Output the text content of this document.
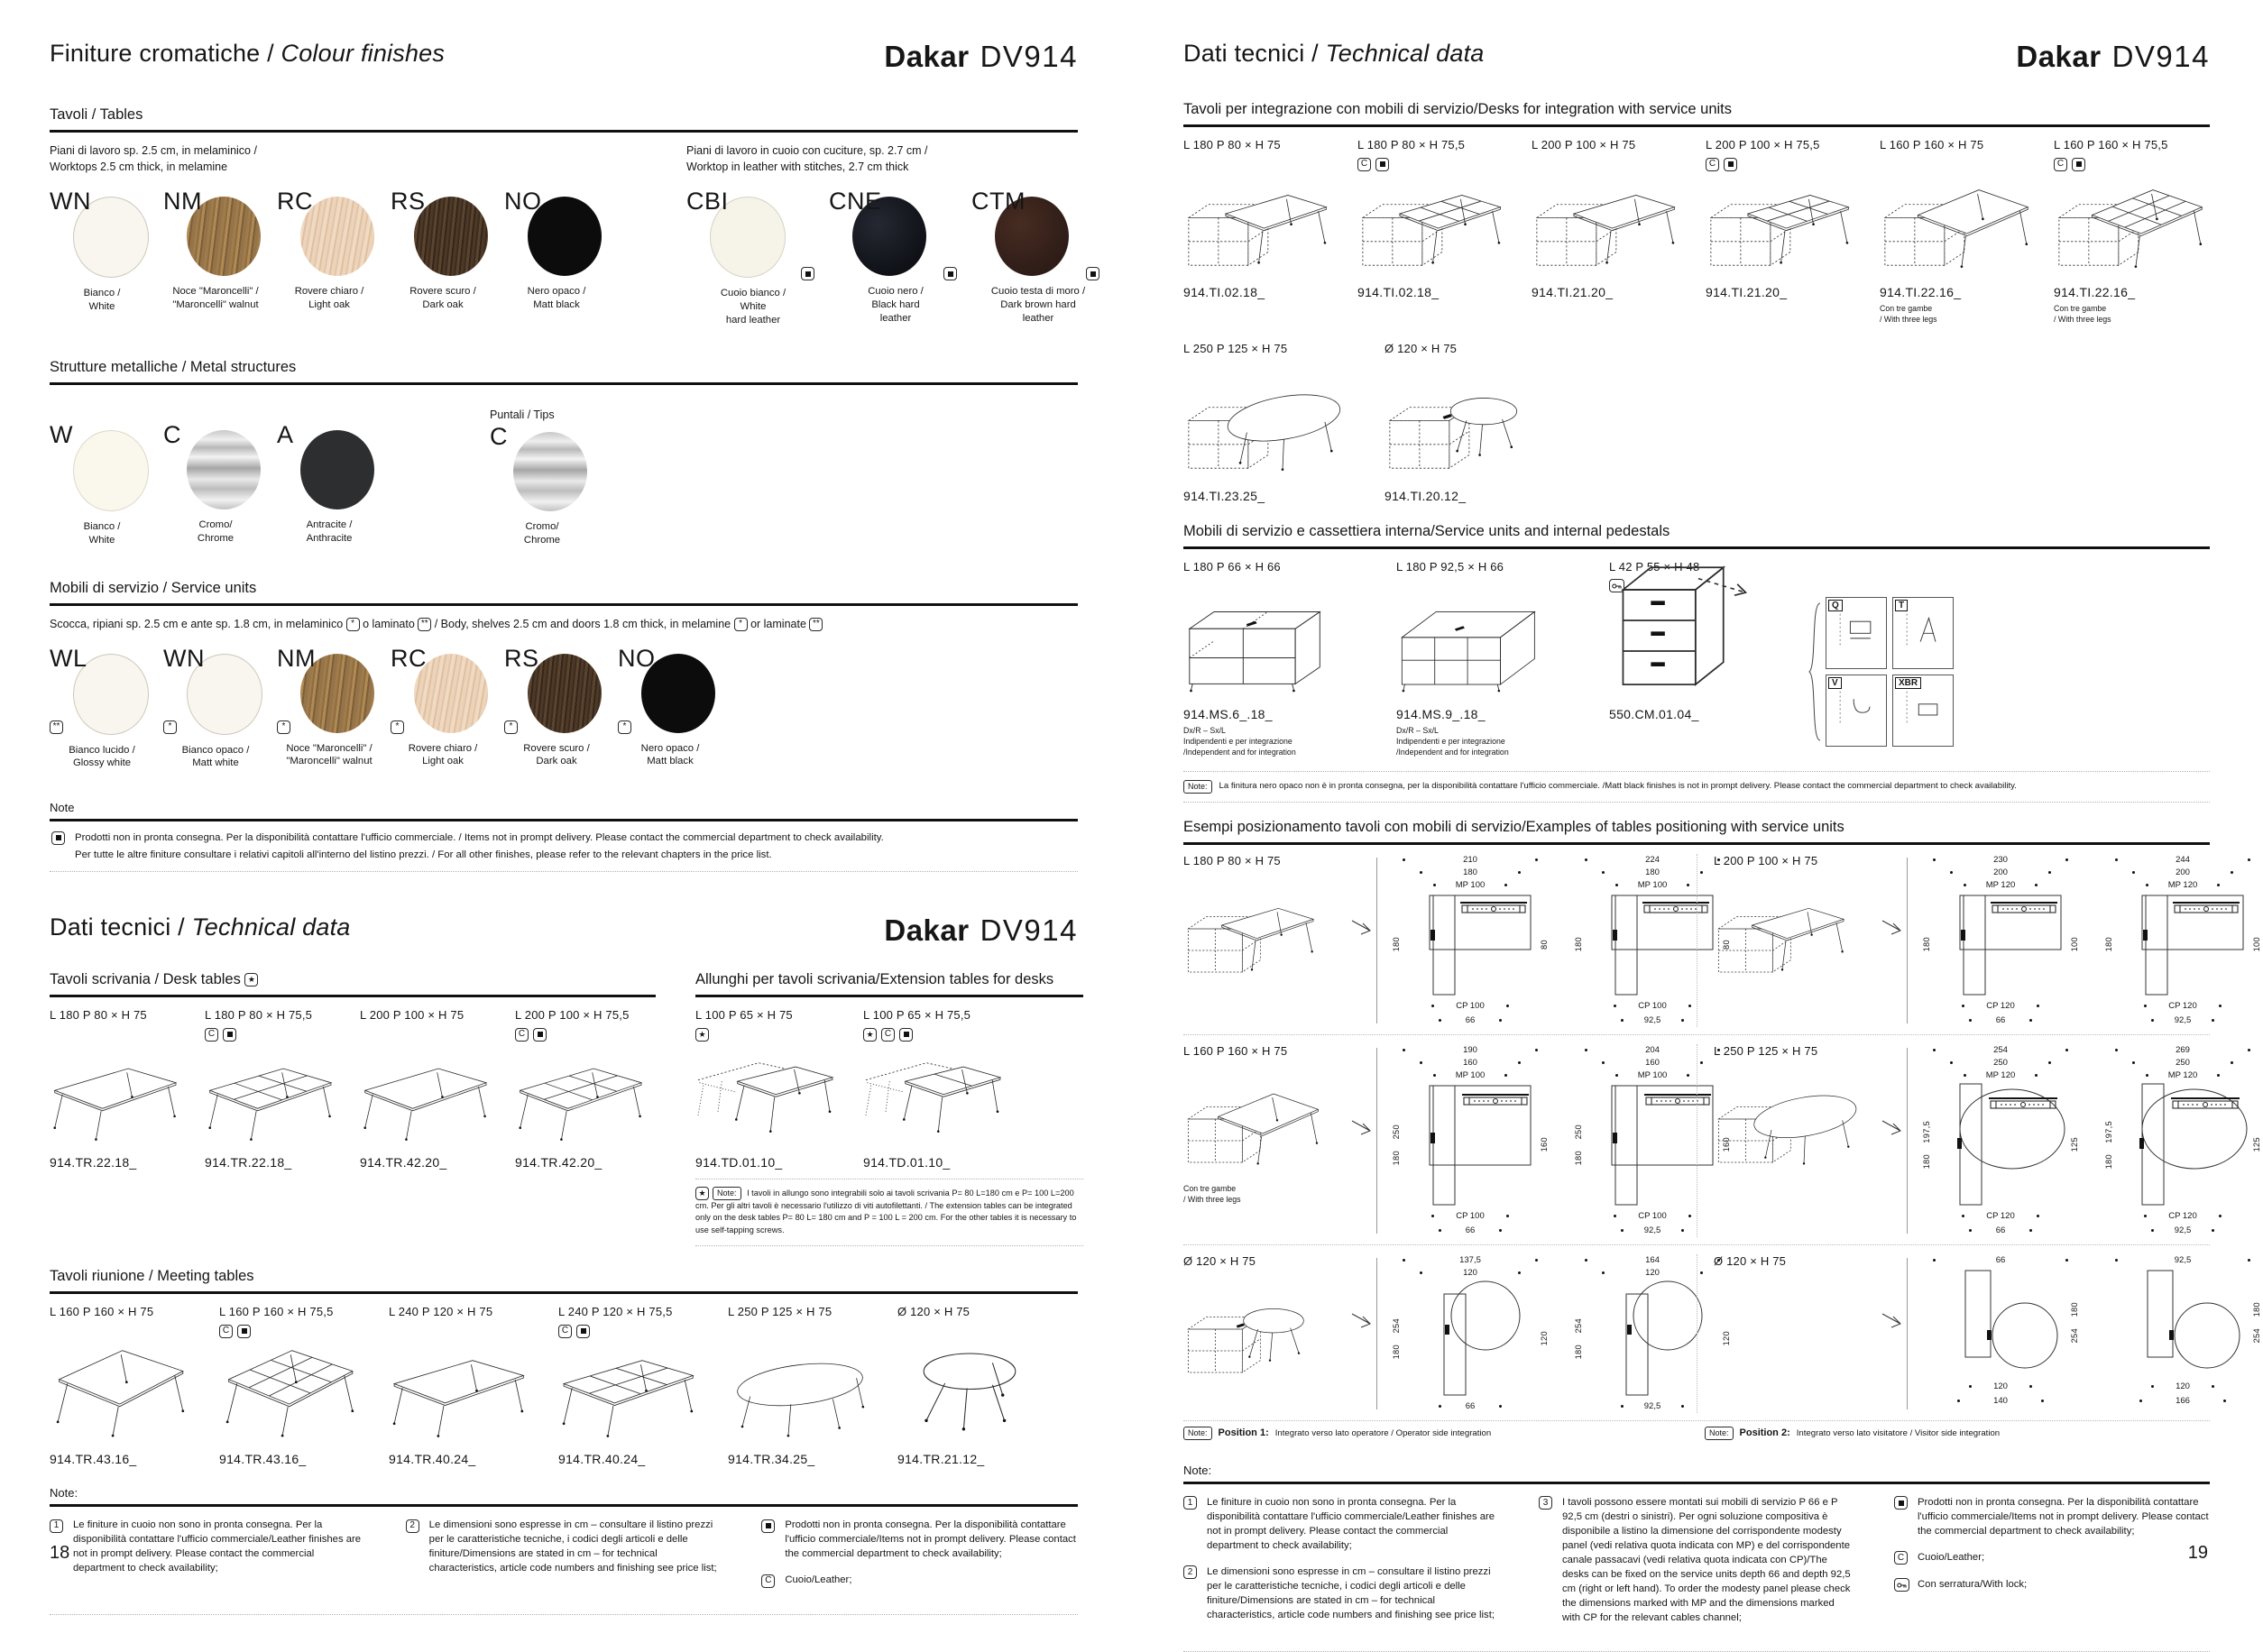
Finiture cromatiche / Colour finishes	Dakar DV914
Tavoli / Tables
Piani di lavoro sp. 2.5 cm, in melaminico /
Worktops 2.5 cm thick, in melamine
WN
Bianco /
White
NM
Noce "Maroncelli" /
"Maroncelli" walnut
RC
Rovere chiaro /
Light oak
RS
Rovere scuro /
Dark oak
NO
Nero opaco /
Matt black
Piani di lavoro in cuoio con cuciture, sp. 2.7 cm /
Worktop in leather with stitches, 2.7 cm thick
CBI
Cuoio bianco /
White
hard leather
CNE
Cuoio nero /
Black hard
leather
CTM
Cuoio testa di moro /
Dark brown hard
leather
Strutture metalliche / Metal structures
W
Bianco /
White
C
Cromo/
Chrome
A
Antracite /
Anthracite
Puntali / Tips
C
Cromo/
Chrome
Mobili di servizio / Service units
Scocca, ripiani sp. 2.5 cm e ante sp. 1.8 cm, in melaminico * o laminato ** / Body, shelves 2.5 cm and doors 1.8 cm thick, in melamine * or laminate **
WL
**
Bianco lucido /
Glossy white
WN
*
Bianco opaco /
Matt white
NM
*
Noce "Maroncelli" /
"Maroncelli" walnut
RC
*
Rovere chiaro /
Light oak
RS
*
Rovere scuro /
Dark oak
NO
*
Nero opaco /
Matt black
Note
Prodotti non in pronta consegna. Per la disponibilità contattare l'ufficio commerciale. / Items not in prompt delivery. Please contact the commercial department to check availability.
Per tutte le altre finiture consultare i relativi capitoli all'interno del listino prezzi. / For all other finishes, please refer to the relevant chapters in the price list.
Dati tecnici / Technical data	Dakar DV914
Tavoli scrivania / Desk tables ★
L 180 P 80 × H 75
914.TR.22.18_
L 180 P 80 × H 75,5
C
914.TR.22.18_
L 200 P 100 × H 75
914.TR.42.20_
L 200 P 100 × H 75,5
C
914.TR.42.20_
Allunghi per tavoli scrivania/Extension tables for desks
L 100 P 65 × H 75
★
914.TD.01.10_
L 100 P 65 × H 75,5
★	C
914.TD.01.10_
★ Note: I tavoli in allungo sono integrabili solo ai tavoli scrivania P= 80 L=180 cm e P= 100 L=200 cm. Per gli altri tavoli è necessario l'utilizzo di viti autofilettanti. / The extension tables can be integrated only on the desk tables P= 80 L= 180 cm and P = 100 L = 200 cm. For the other tables it is necessary to use self-tapping screws.
Tavoli riunione / Meeting tables
L 160 P 160 × H 75
914.TR.43.16_
L 160 P 160 × H 75,5
C
914.TR.43.16_
L 240 P 120 × H 75
914.TR.40.24_
L 240 P 120 × H 75,5
C
914.TR.40.24_
L 250 P 125 × H 75
914.TR.34.25_
Ø 120 × H 75
914.TR.21.12_
Note:
1	Le finiture in cuoio non sono in pronta consegna. Per la disponibilità contattare l'ufficio commerciale/Leather finishes are not in prompt delivery. Please contact the commercial department to check availability;
2	Le dimensioni sono espresse in cm – consultare il listino prezzi per le caratteristiche tecniche, i codici degli articoli e delle finiture/Dimensions are stated in cm – for technical characteristics, article code numbers and finishing see price list;
Prodotti non in pronta consegna. Per la disponibilità contattare l'ufficio commerciale/Items not in prompt delivery. Please contact the commercial department to check availability;
C	Cuoio/Leather;
18
Dati tecnici / Technical data	Dakar DV914
Tavoli per integrazione con mobili di servizio/Desks for integration with service units
L 180 P 80 × H 75
914.TI.02.18_
L 180 P 80 × H 75,5
C
914.TI.02.18_
L 200 P 100 × H 75
914.TI.21.20_
L 200 P 100 × H 75,5
C
914.TI.21.20_
L 160 P 160 × H 75
914.TI.22.16_
Con tre gambe
/ With three legs
L 160 P 160 × H 75,5
C
914.TI.22.16_
Con tre gambe
/ With three legs
L 250 P 125 × H 75
914.TI.23.25_
Ø 120 × H 75
914.TI.20.12_
Mobili di servizio e cassettiera interna/Service units and internal pedestals
L 180 P 66 × H 66
914.MS.6_.18_
Dx/R – Sx/L
Indipendenti e per integrazione
/Independent and for integration
L 180 P 92,5 × H 66
914.MS.9_.18_
Dx/R – Sx/L
Indipendenti e per integrazione
/Independent and for integration
L 42 P 55 × H 48
550.CM.01.04_
Q	T
V	XBR
Note:	La finitura nero opaco non è in pronta consegna, per la disponibilità contattare l'ufficio commerciale. /Matt black finishes is not in prompt delivery. Please contact the commercial department to check availability.
Esempi posizionamento tavoli con mobili di servizio/Examples of tables positioning with service units
L 180 P 80 × H 75	210
180
MP 100
180	80
CP 100
66
224
180
MP 100
180	80
CP 100
92,5
L 200 P 100 × H 75	230
200
MP 120
180	100
CP 120
66
244
200
MP 120
180	100
CP 120
92,5
L 160 P 160 × H 75
Con tre gambe
/ With three legs
190
160
MP 100
250
180
160
CP 100
66
204
160
MP 100
250
180
160
CP 100
92,5
L 250 P 125 × H 75	254
250
MP 120
197,5
180
125
CP 120
66
269
250
MP 120
197,5
180
125
CP 120
92,5
Ø 120 × H 75	137,5
120
254
180
120
66
164
120
254
180
120
92,5
Ø 120 × H 75	66
180
254
120
140
92,5
180
254
120
166
Note:	Position 1: Integrato verso lato operatore / Operator side integration	Note:	Position 2: Integrato verso lato visitatore / Visitor side integration
Note:
1	Le finiture in cuoio non sono in pronta consegna. Per la disponibilità contattare l'ufficio commerciale/Leather finishes are not in prompt delivery. Please contact the commercial department to check availability;
2	Le dimensioni sono espresse in cm – consultare il listino prezzi per le caratteristiche tecniche, i codici degli articoli e delle finiture/Dimensions are stated in cm – for technical characteristics, article code numbers and finishing see price list;
3	I tavoli possono essere montati sui mobili di servizio P 66 e P 92,5 cm (destri o sinistri). Per ogni soluzione compositiva è disponibile a listino la dimensione del corrispondente modesty panel (vedi relativa quota indicata con MP) e del corrispondente canale passacavi (vedi relativa quota indicata con CP)/The desks can be fixed on the service units depth 66 and depth 92,5 cm (right or left hand). To order the modesty panel please check the dimensions marked with MP and the dimensions marked with CP for the relevant cables channel;
Prodotti non in pronta consegna. Per la disponibilità contattare l'ufficio commerciale/Items not in prompt delivery. Please contact the commercial department to check availability;
C	Cuoio/Leather;
Con serratura/With lock;
19
